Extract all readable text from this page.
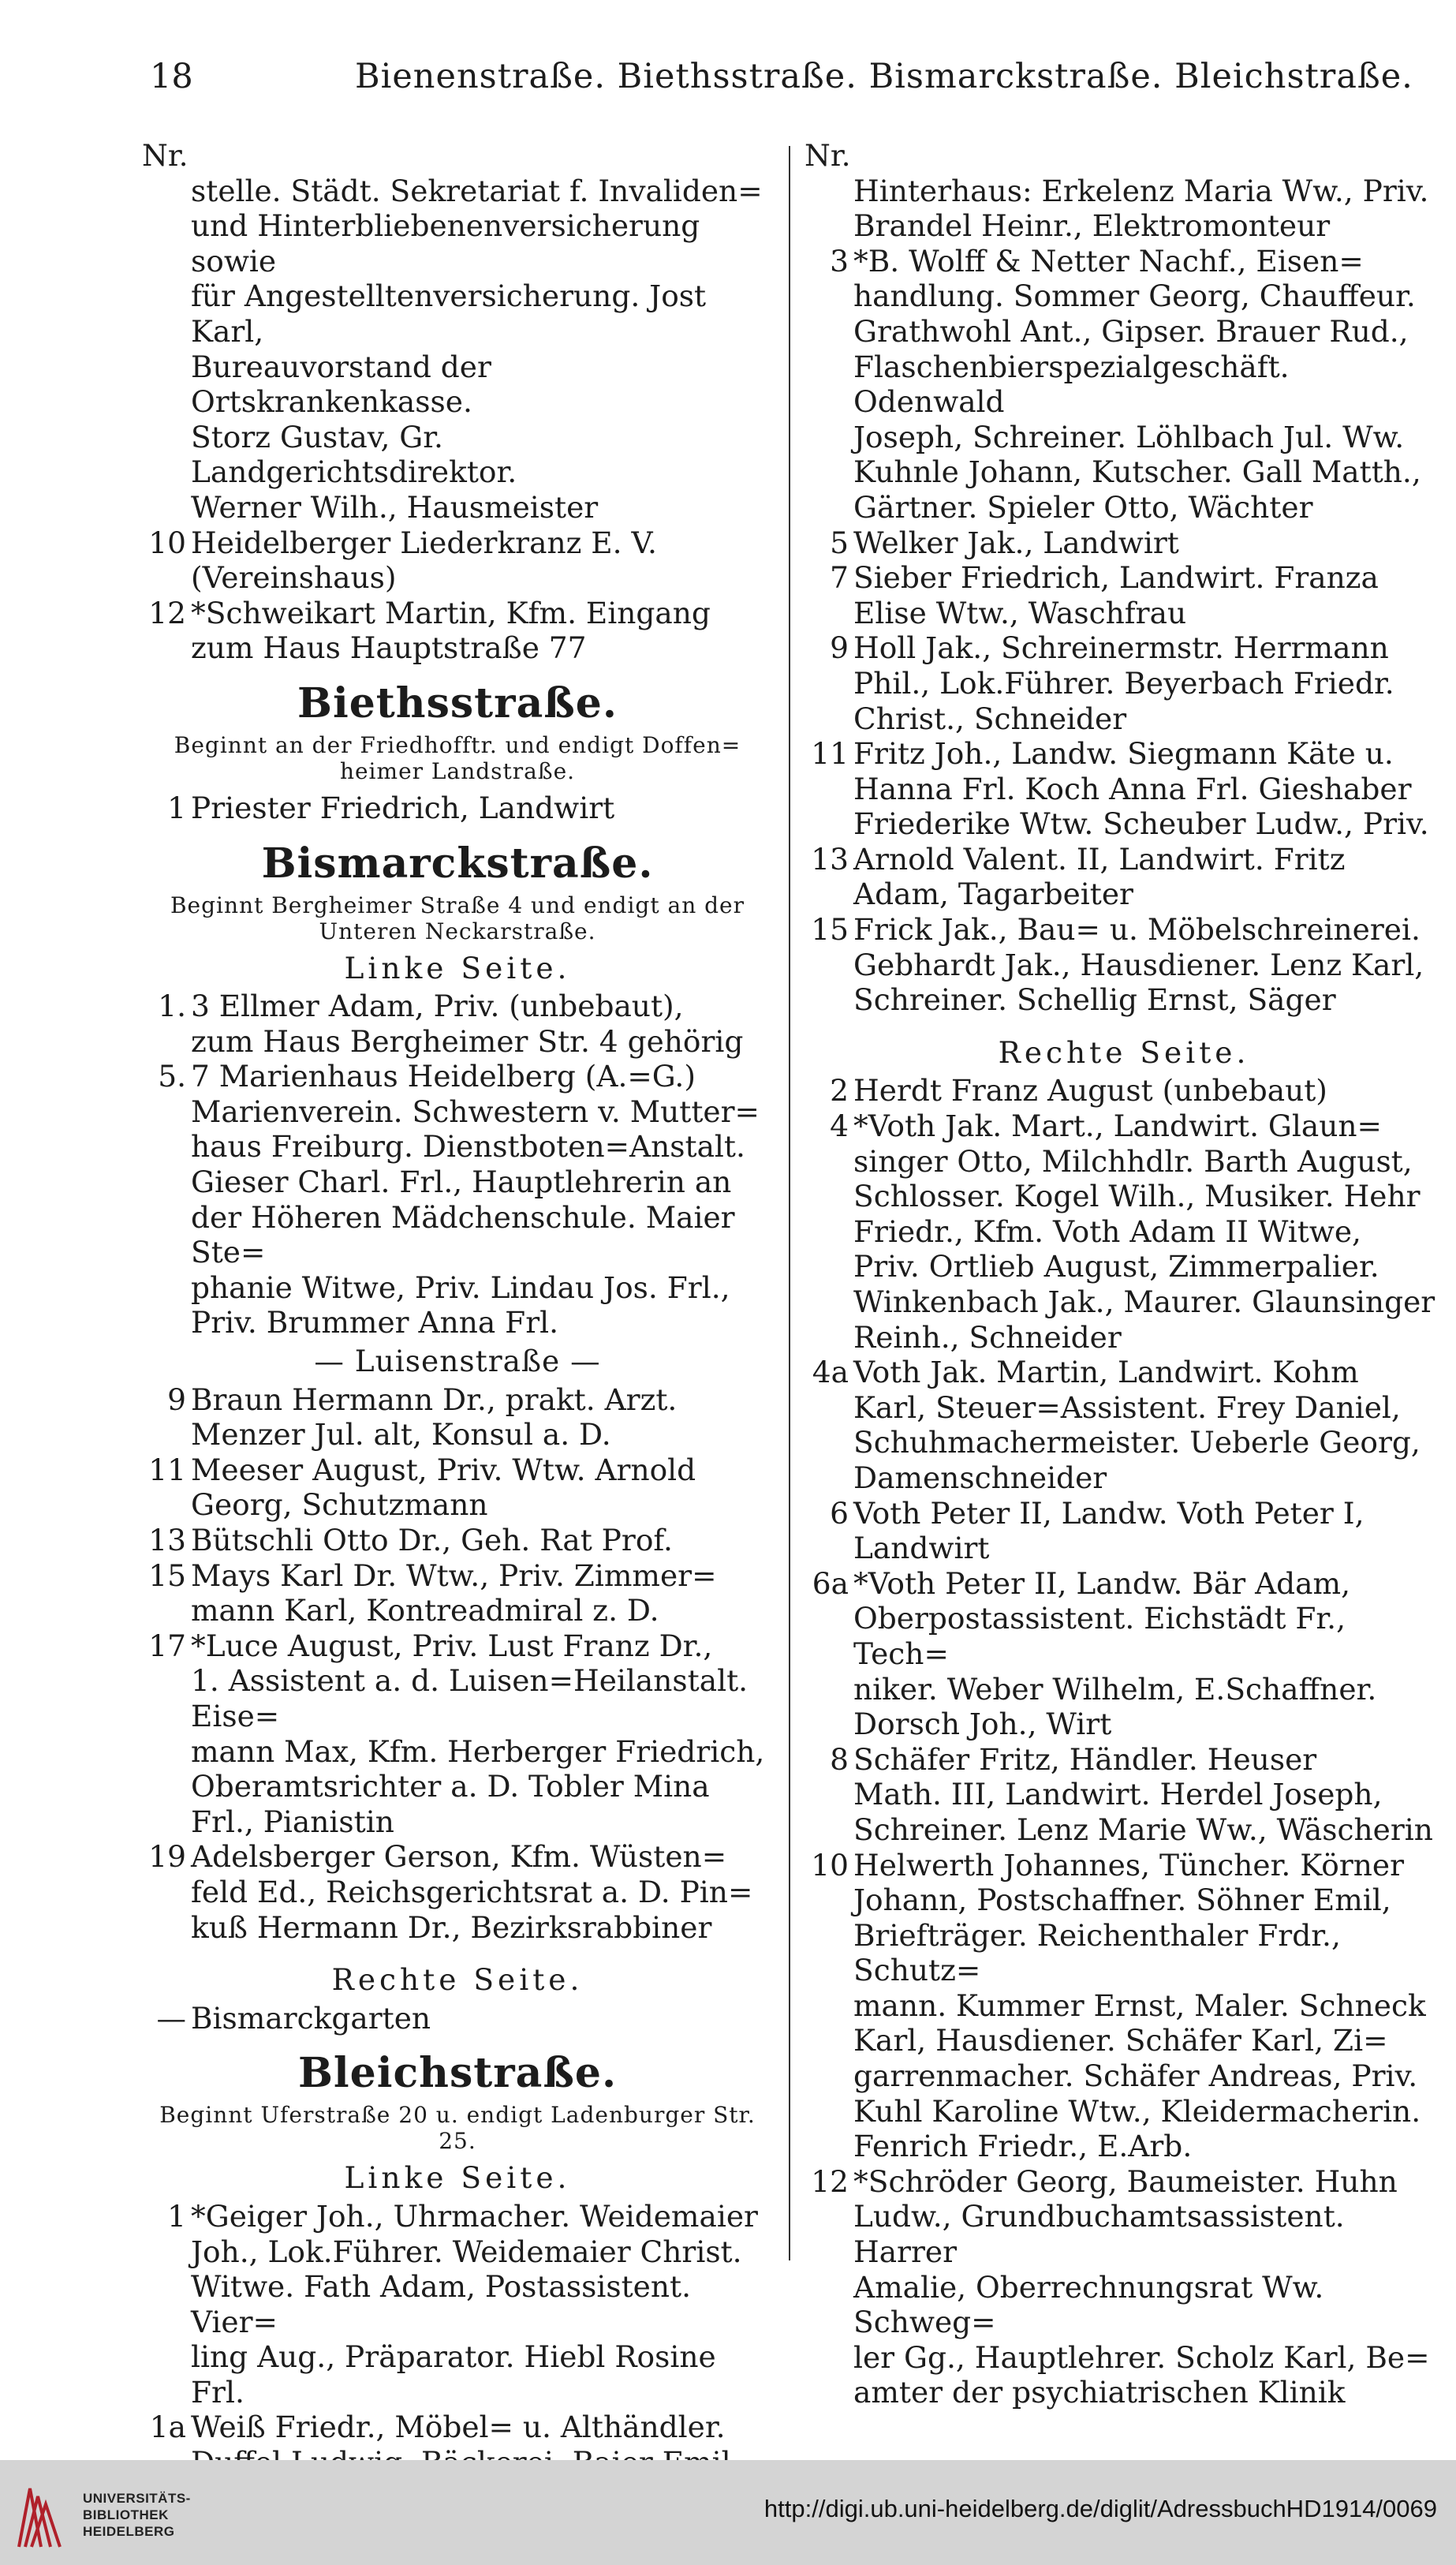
18	Bienenstraße. Biethsstraße. Bismarckstraße. Bleichstraße.
Nr.
stelle. Städt. Sekretariat f. Invaliden=
und Hinterbliebenenversicherung sowie
für Angestelltenversicherung. Jost Karl,
Bureauvorstand der Ortskrankenkasse.
Storz Gustav, Gr. Landgerichtsdirektor.
Werner Wilh., Hausmeister
10 Heidelberger Liederkranz E. V.
(Vereinshaus)
12 *Schweikart Martin, Kfm. Eingang
zum Haus Hauptstraße 77
Biethsstraße.
Beginnt an der Friedhofftr. und endigt Doffen=
heimer Landstraße.
1 Priester Friedrich, Landwirt
Bismarckstraße.
Beginnt Bergheimer Straße 4 und endigt an der
Unteren Neckarstraße.
Linke Seite.
1. 3 Ellmer Adam, Priv. (unbebaut),
zum Haus Bergheimer Str. 4 gehörig
5. 7 Marienhaus Heidelberg (A.=G.)
Marienverein. Schwestern v. Mutter=
haus Freiburg. Dienstboten=Anstalt.
Gieser Charl. Frl., Hauptlehrerin an
der Höheren Mädchenschule. Maier Ste=
phanie Witwe, Priv. Lindau Jos. Frl.,
Priv. Brummer Anna Frl.
— Luisenstraße —
9 Braun Hermann Dr., prakt. Arzt.
Menzer Jul. alt, Konsul a. D.
11 Meeser August, Priv. Wtw. Arnold
Georg, Schutzmann
13 Bütschli Otto Dr., Geh. Rat Prof.
15 Mays Karl Dr. Wtw., Priv. Zimmer=
mann Karl, Kontreadmiral z. D.
17 *Luce August, Priv. Lust Franz Dr.,
1. Assistent a. d. Luisen=Heilanstalt. Eise=
mann Max, Kfm. Herberger Friedrich,
Oberamtsrichter a. D. Tobler Mina
Frl., Pianistin
19 Adelsberger Gerson, Kfm. Wüsten=
feld Ed., Reichsgerichtsrat a. D. Pin=
kuß Hermann Dr., Bezirksrabbiner
Rechte Seite.
— Bismarckgarten
Bleichstraße.
Beginnt Uferstraße 20 u. endigt Ladenburger Str. 25.
Linke Seite.
1 *Geiger Joh., Uhrmacher. Weidemaier
Joh., Lok.Führer. Weidemaier Christ.
Witwe. Fath Adam, Postassistent. Vier=
ling Aug., Präparator. Hiebl Rosine Frl.
1a Weiß Friedr., Möbel= u. Althändler.
Nr.
Hinterhaus: Erkelenz Maria Ww., Priv.
Brandel Heinr., Elektromonteur
3 *B. Wolff & Netter Nachf., Eisen=
handlung. Sommer Georg, Chauffeur.
Grathwohl Ant., Gipser. Brauer Rud.,
Flaschenbierspezialgeschäft. Odenwald
Joseph, Schreiner. Löhlbach Jul. Ww.
Kuhnle Johann, Kutscher. Gall Matth.,
Gärtner. Spieler Otto, Wächter
5 Welker Jak., Landwirt
7 Sieber Friedrich, Landwirt. Franza
Elise Wtw., Waschfrau
9 Holl Jak., Schreinermstr. Herrmann
Phil., Lok.Führer. Beyerbach Friedr.
Christ., Schneider
11 Fritz Joh., Landw. Siegmann Käte u.
Hanna Frl. Koch Anna Frl. Gieshaber
Friederike Wtw. Scheuber Ludw., Priv.
13 Arnold Valent. II, Landwirt. Fritz
Adam, Tagarbeiter
15 Frick Jak., Bau= u. Möbelschreinerei.
Gebhardt Jak., Hausdiener. Lenz Karl,
Schreiner. Schellig Ernst, Säger
Rechte Seite.
2 Herdt Franz August (unbebaut)
4 *Voth Jak. Mart., Landwirt. Glaun=
singer Otto, Milchhdlr. Barth August,
Schlosser. Kogel Wilh., Musiker. Hehr
Friedr., Kfm. Voth Adam II Witwe,
Priv. Ortlieb August, Zimmerpalier.
Winkenbach Jak., Maurer. Glaunsinger
Reinh., Schneider
4a Voth Jak. Martin, Landwirt. Kohm
Karl, Steuer=Assistent. Frey Daniel,
Schuhmachermeister. Ueberle Georg,
Damenschneider
6 Voth Peter II, Landw. Voth Peter I,
Landwirt
6a *Voth Peter II, Landw. Bär Adam,
Oberpostassistent. Eichstädt Fr., Tech=
niker. Weber Wilhelm, E.Schaffner.
Dorsch Joh., Wirt
8 Schäfer Fritz, Händler. Heuser
Math. III, Landwirt. Herdel Joseph,
Schreiner. Lenz Marie Ww., Wäscherin
10 Helwerth Johannes, Tüncher. Körner
Johann, Postschaffner. Söhner Emil,
Briefträger. Reichenthaler Frdr., Schutz=
mann. Kummer Ernst, Maler. Schneck
Karl, Hausdiener. Schäfer Karl, Zi=
garrenmacher. Schäfer Andreas, Priv.
Kuhl Karoline Wtw., Kleidermacherin.
Fenrich Friedr., E.Arb.
12 *Schröder Georg, Baumeister. Huhn
Ludw., Grundbuchamtsassistent. Harrer
Amalie, Oberrechnungsrat Ww. Schweg=
ler Gg., Hauptlehrer. Scholz Karl, Be=
amter der psychiatrischen Klinik
UNIVERSITÄTS-
BIBLIOTHEK
HEIDELBERG
http://digi.ub.uni-heidelberg.de/diglit/AdressbuchHD1914/0069
